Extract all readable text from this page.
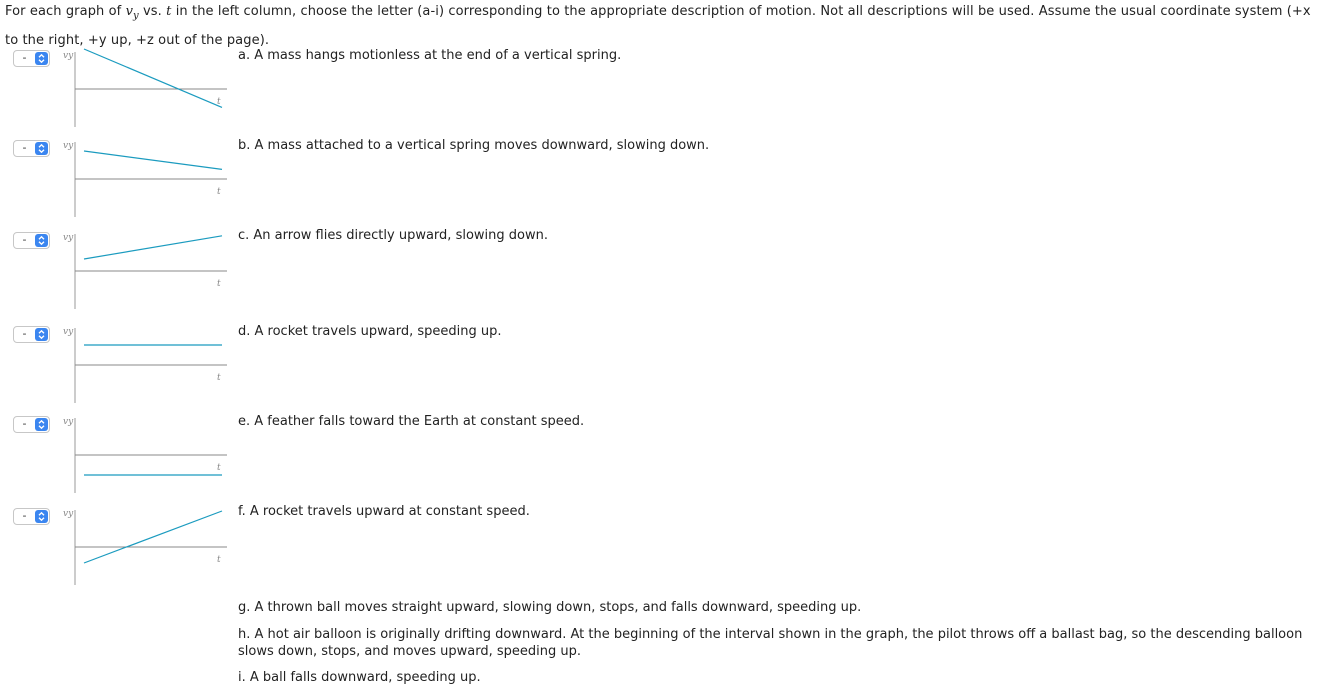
For each graph of $v_y$ vs. t in the left column, choose the letter (a-i) corresponding to the appropriate description of motion. Not all descriptions will be used. Assume the usual coordinate system (+x to the right, +y up, +z out of the page).
-	vy
t
-	vy
t
-	vy
t
-	vy
t
-	vy
t
-	vy
t
a. A mass hangs motionless at the end of a vertical spring.
b. A mass attached to a vertical spring moves downward, slowing down.
c. An arrow flies directly upward, slowing down.
d. A rocket travels upward, speeding up.
e. A feather falls toward the Earth at constant speed.
f. A rocket travels upward at constant speed.
g. A thrown ball moves straight upward, slowing down, stops, and falls downward, speeding up.
h. A hot air balloon is originally drifting downward. At the beginning of the interval shown in the graph, the pilot throws off a ballast bag, so the descending balloon slows down, stops, and moves upward, speeding up.
i. A ball falls downward, speeding up.
